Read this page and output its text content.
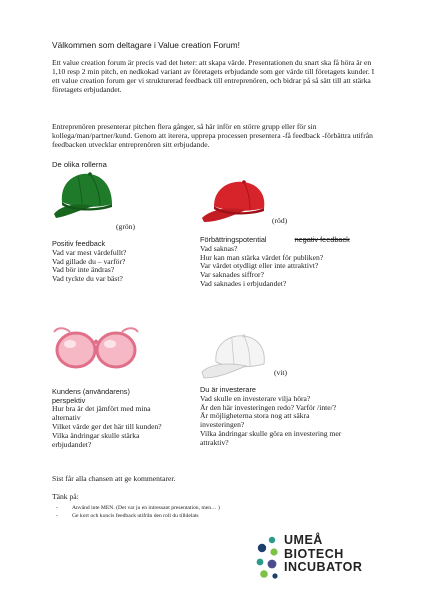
Välkommen som deltagare i Value creation Forum!

Ett value creation forum är precis vad det heter: att skapa värde. Presentationen du snart ska få höra är en 1,10 resp 2 min pitch, en nedkokad variant av företagets erbjudande som ger värde till företagets kunder. I ett value creation forum ger vi strukturerad feedback till entreprenören, och bidrar på så sätt till att stärka företagets erbjudandet.

Entreprenören presenterar pitchen flera gånger, så här inför en större grupp eller för sin kollega/man/partner/kund. Genom att iterera, upprepa processen presentera -få feedback -förbättra utifrån feedbacken utvecklar entreprenören sitt erbjudande.

De olika rollerna

(grön)

Positiv feedback

Vad var mest värdefullt?

Vad gillade du – varför?

Vad bör inte ändras?

Vad tyckte du var bäst?

(röd)

Förbättringspotential	negativ feedback

Vad saknas?

Hur kan man stärka värdet för publiken?

Var värdet otydligt eller inte attraktivt?

Var saknades siffror?

Vad saknades i erbjudandet?

Kundens (användarens)

perspektiv

Hur bra är det jämfört med mina

alternativ

Vilket värde ger det här till kunden?

Vilka ändringar skulle stärka

erbjudandet?

(vit)

Du är investerare

Vad skulle en investerare vilja höra?

Är den här investeringen redo? Varför /inte/?

Är möjligheterna stora nog att säkra

investeringen?

Vilka ändringar skulle göra en investering mer

attraktiv?

Sist får alla chansen att ge kommentarer.

Tänk på:

- Använd inte MEN. (Det var ju en intressant presentation, men… )
- Ge kort och koncis feedback utifrån den roll du tilldelats
UMEÅ
BIOTECH
INCUBATOR
